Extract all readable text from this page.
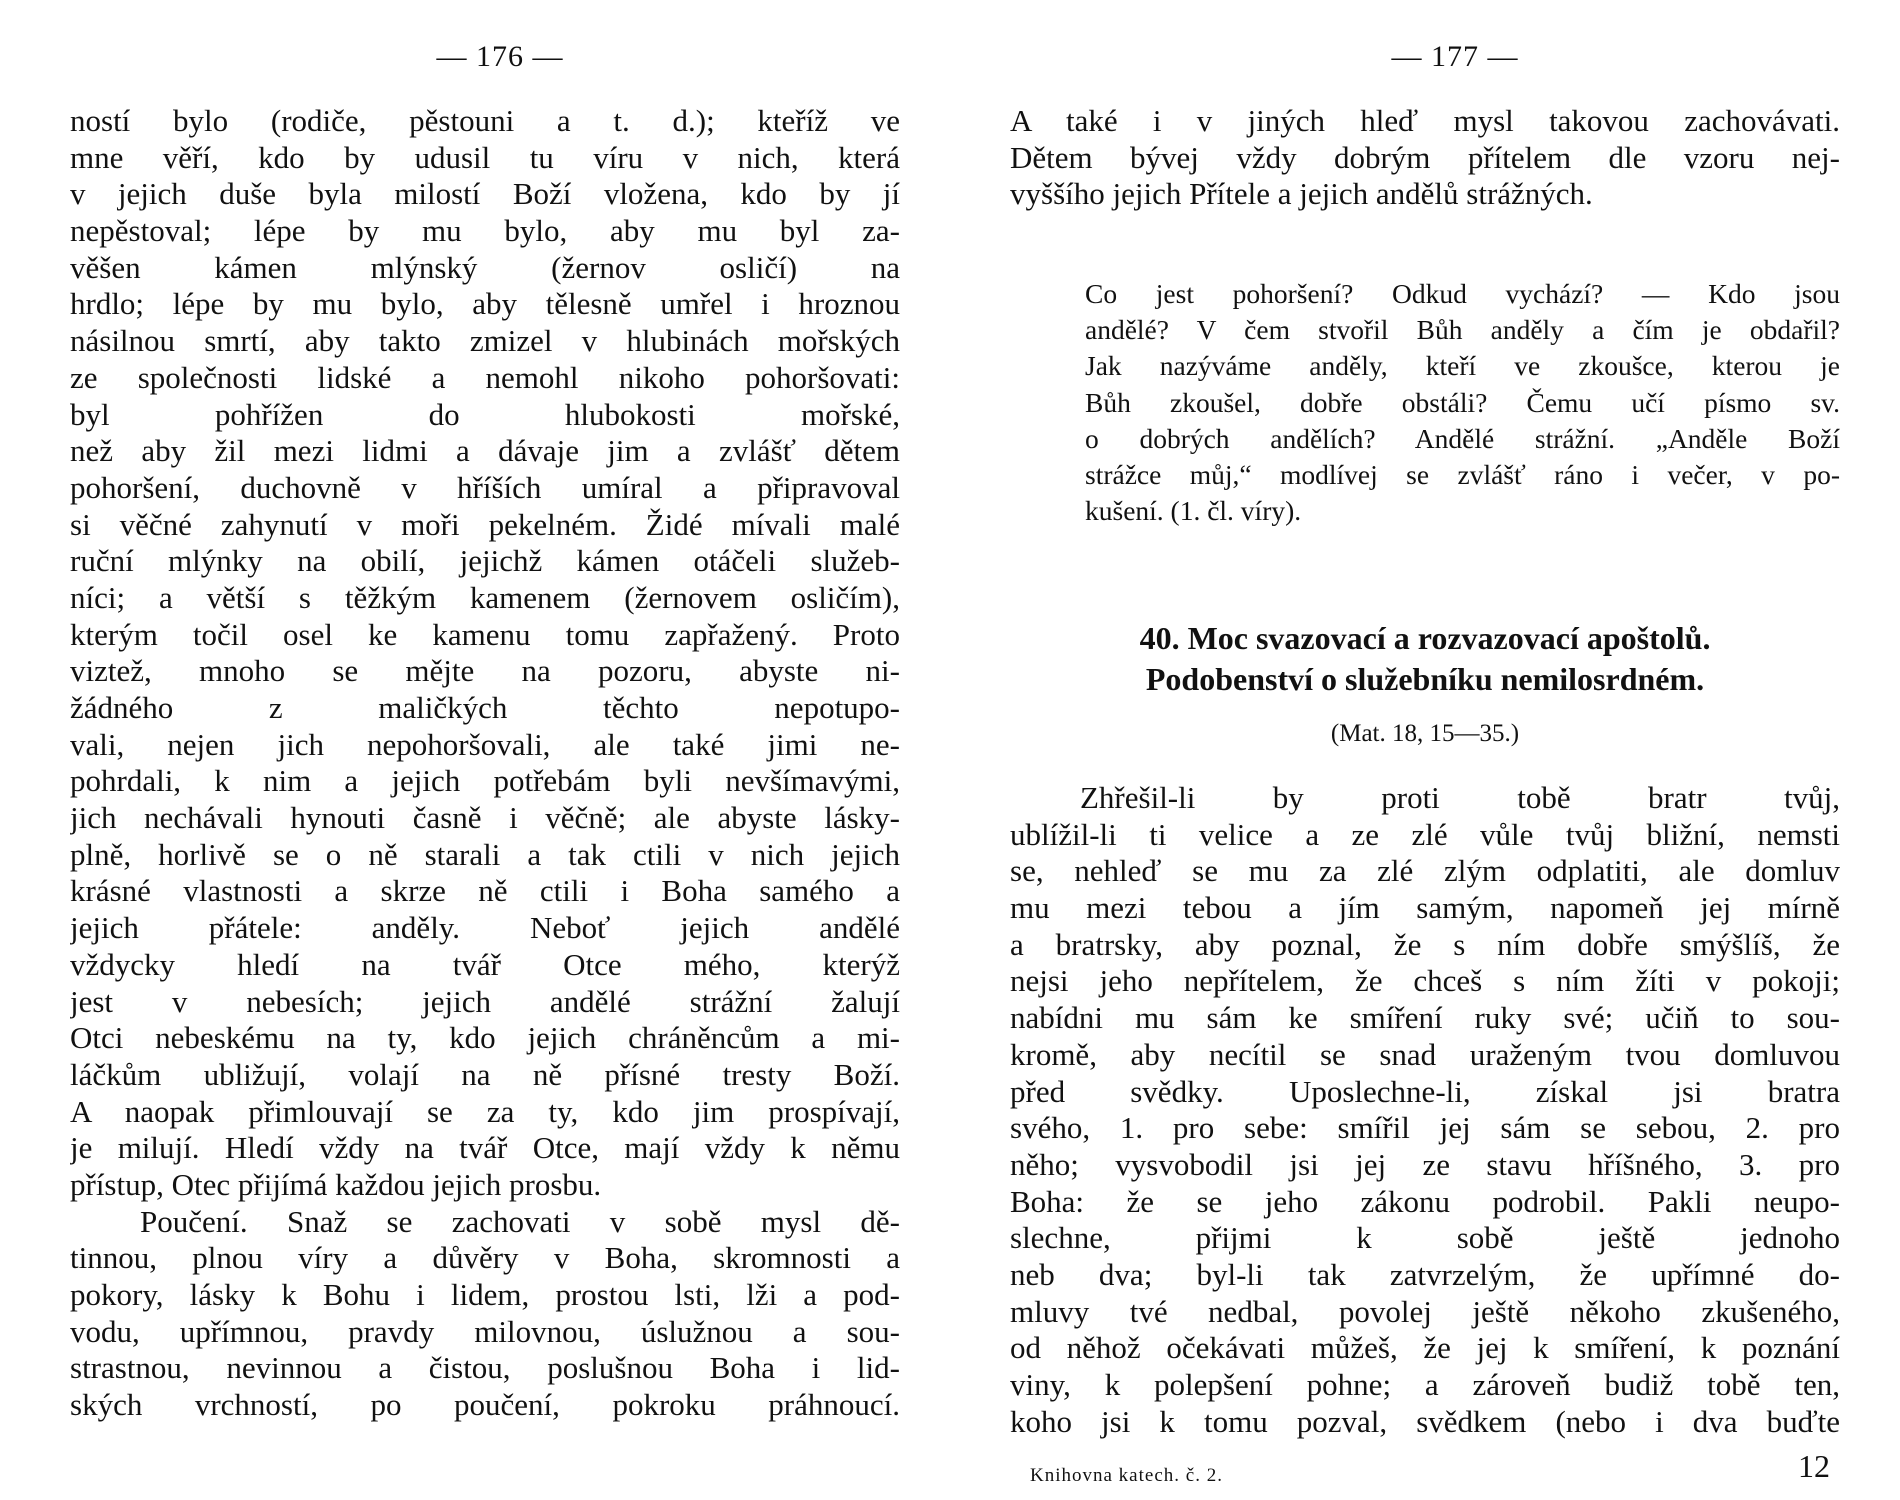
— 176 —
ností bylo (rodiče, pěstouni a t. d.); kteříž ve
mne věří, kdo by udusil tu víru v nich, která
v jejich duše byla milostí Boží vložena, kdo by jí
nepěstoval; lépe by mu bylo, aby mu byl za-
věšen kámen mlýnský (žernov osličí) na
hrdlo; lépe by mu bylo, aby tělesně umřel i hroznou
násilnou smrtí, aby takto zmizel v hlubinách mořských
ze společnosti lidské a nemohl nikoho pohoršovati:
byl pohřížen do hlubokosti mořské,
než aby žil mezi lidmi a dávaje jim a zvlášť dětem
pohoršení, duchovně v hříších umíral a připravoval
si věčné zahynutí v moři pekelném. Židé mívali malé
ruční mlýnky na obilí, jejichž kámen otáčeli služeb-
níci; a větší s těžkým kamenem (žernovem osličím),
kterým točil osel ke kamenu tomu zapřažený. Proto
viztež, mnoho se mějte na pozoru, abyste ni-
žádného z maličkých těchto nepotupo-
vali, nejen jich nepohoršovali, ale také jimi ne-
pohrdali, k nim a jejich potřebám byli nevšímavými,
jich nechávali hynouti časně i věčně; ale abyste lásky-
plně, horlivě se o ně starali a tak ctili v nich jejich
krásné vlastnosti a skrze ně ctili i Boha samého a
jejich přátele: anděly. Neboť jejich andělé
vždycky hledí na tvář Otce mého, kterýž
jest v nebesích; jejich andělé strážní žalují
Otci nebeskému na ty, kdo jejich chráněncům a mi-
láčkům ubližují, volají na ně přísné tresty Boží.
A naopak přimlouvají se za ty, kdo jim prospívají,
je milují. Hledí vždy na tvář Otce, mají vždy k němu
přístup, Otec přijímá každou jejich prosbu.
Poučení. Snaž se zachovati v sobě mysl dě-
tinnou, plnou víry a důvěry v Boha, skromnosti a
pokory, lásky k Bohu i lidem, prostou lsti, lži a pod-
vodu, upřímnou, pravdy milovnou, úslužnou a sou-
strastnou, nevinnou a čistou, poslušnou Boha i lid-
ských vrchností, po poučení, pokroku práhnoucí.
— 177 —
A také i v jiných hleď mysl takovou zachovávati.
Dětem bývej vždy dobrým přítelem dle vzoru nej-
vyššího jejich Přítele a jejich andělů strážných.
Co jest pohoršení? Odkud vychází? — Kdo jsou
andělé? V čem stvořil Bůh anděly a čím je obdařil?
Jak nazýváme anděly, kteří ve zkoušce, kterou je
Bůh zkoušel, dobře obstáli? Čemu učí písmo sv.
o dobrých andělích? Andělé strážní. „Anděle Boží
strážce můj,“ modlívej se zvlášť ráno i večer, v po-
kušení. (1. čl. víry).
40. Moc svazovací a rozvazovací apoštolů.
Podobenství o služebníku nemilosrdném.
(Mat. 18, 15—35.)
Zhřešil-li by proti tobě bratr tvůj,
ublížil-li ti velice a ze zlé vůle tvůj bližní, nemsti
se, nehleď se mu za zlé zlým odplatiti, ale domluv
mu mezi tebou a jím samým, napomeň jej mírně
a bratrsky, aby poznal, že s ním dobře smýšlíš, že
nejsi jeho nepřítelem, že chceš s ním žíti v pokoji;
nabídni mu sám ke smíření ruky své; učiň to sou-
kromě, aby necítil se snad uraženým tvou domluvou
před svědky. Uposlechne-li, získal jsi bratra
svého, 1. pro sebe: smířil jej sám se sebou, 2. pro
něho; vysvobodil jsi jej ze stavu hříšného, 3. pro
Boha: že se jeho zákonu podrobil. Pakli neupo-
slechne, přijmi k sobě ještě jednoho
neb dva; byl-li tak zatvrzelým, že upřímné do-
mluvy tvé nedbal, povolej ještě někoho zkušeného,
od něhož očekávati můžeš, že jej k smíření, k poznání
viny, k polepšení pohne; a zároveň budiž tobě ten,
koho jsi k tomu pozval, svědkem (nebo i dva buďte
Knihovna katech. č. 2.	12
